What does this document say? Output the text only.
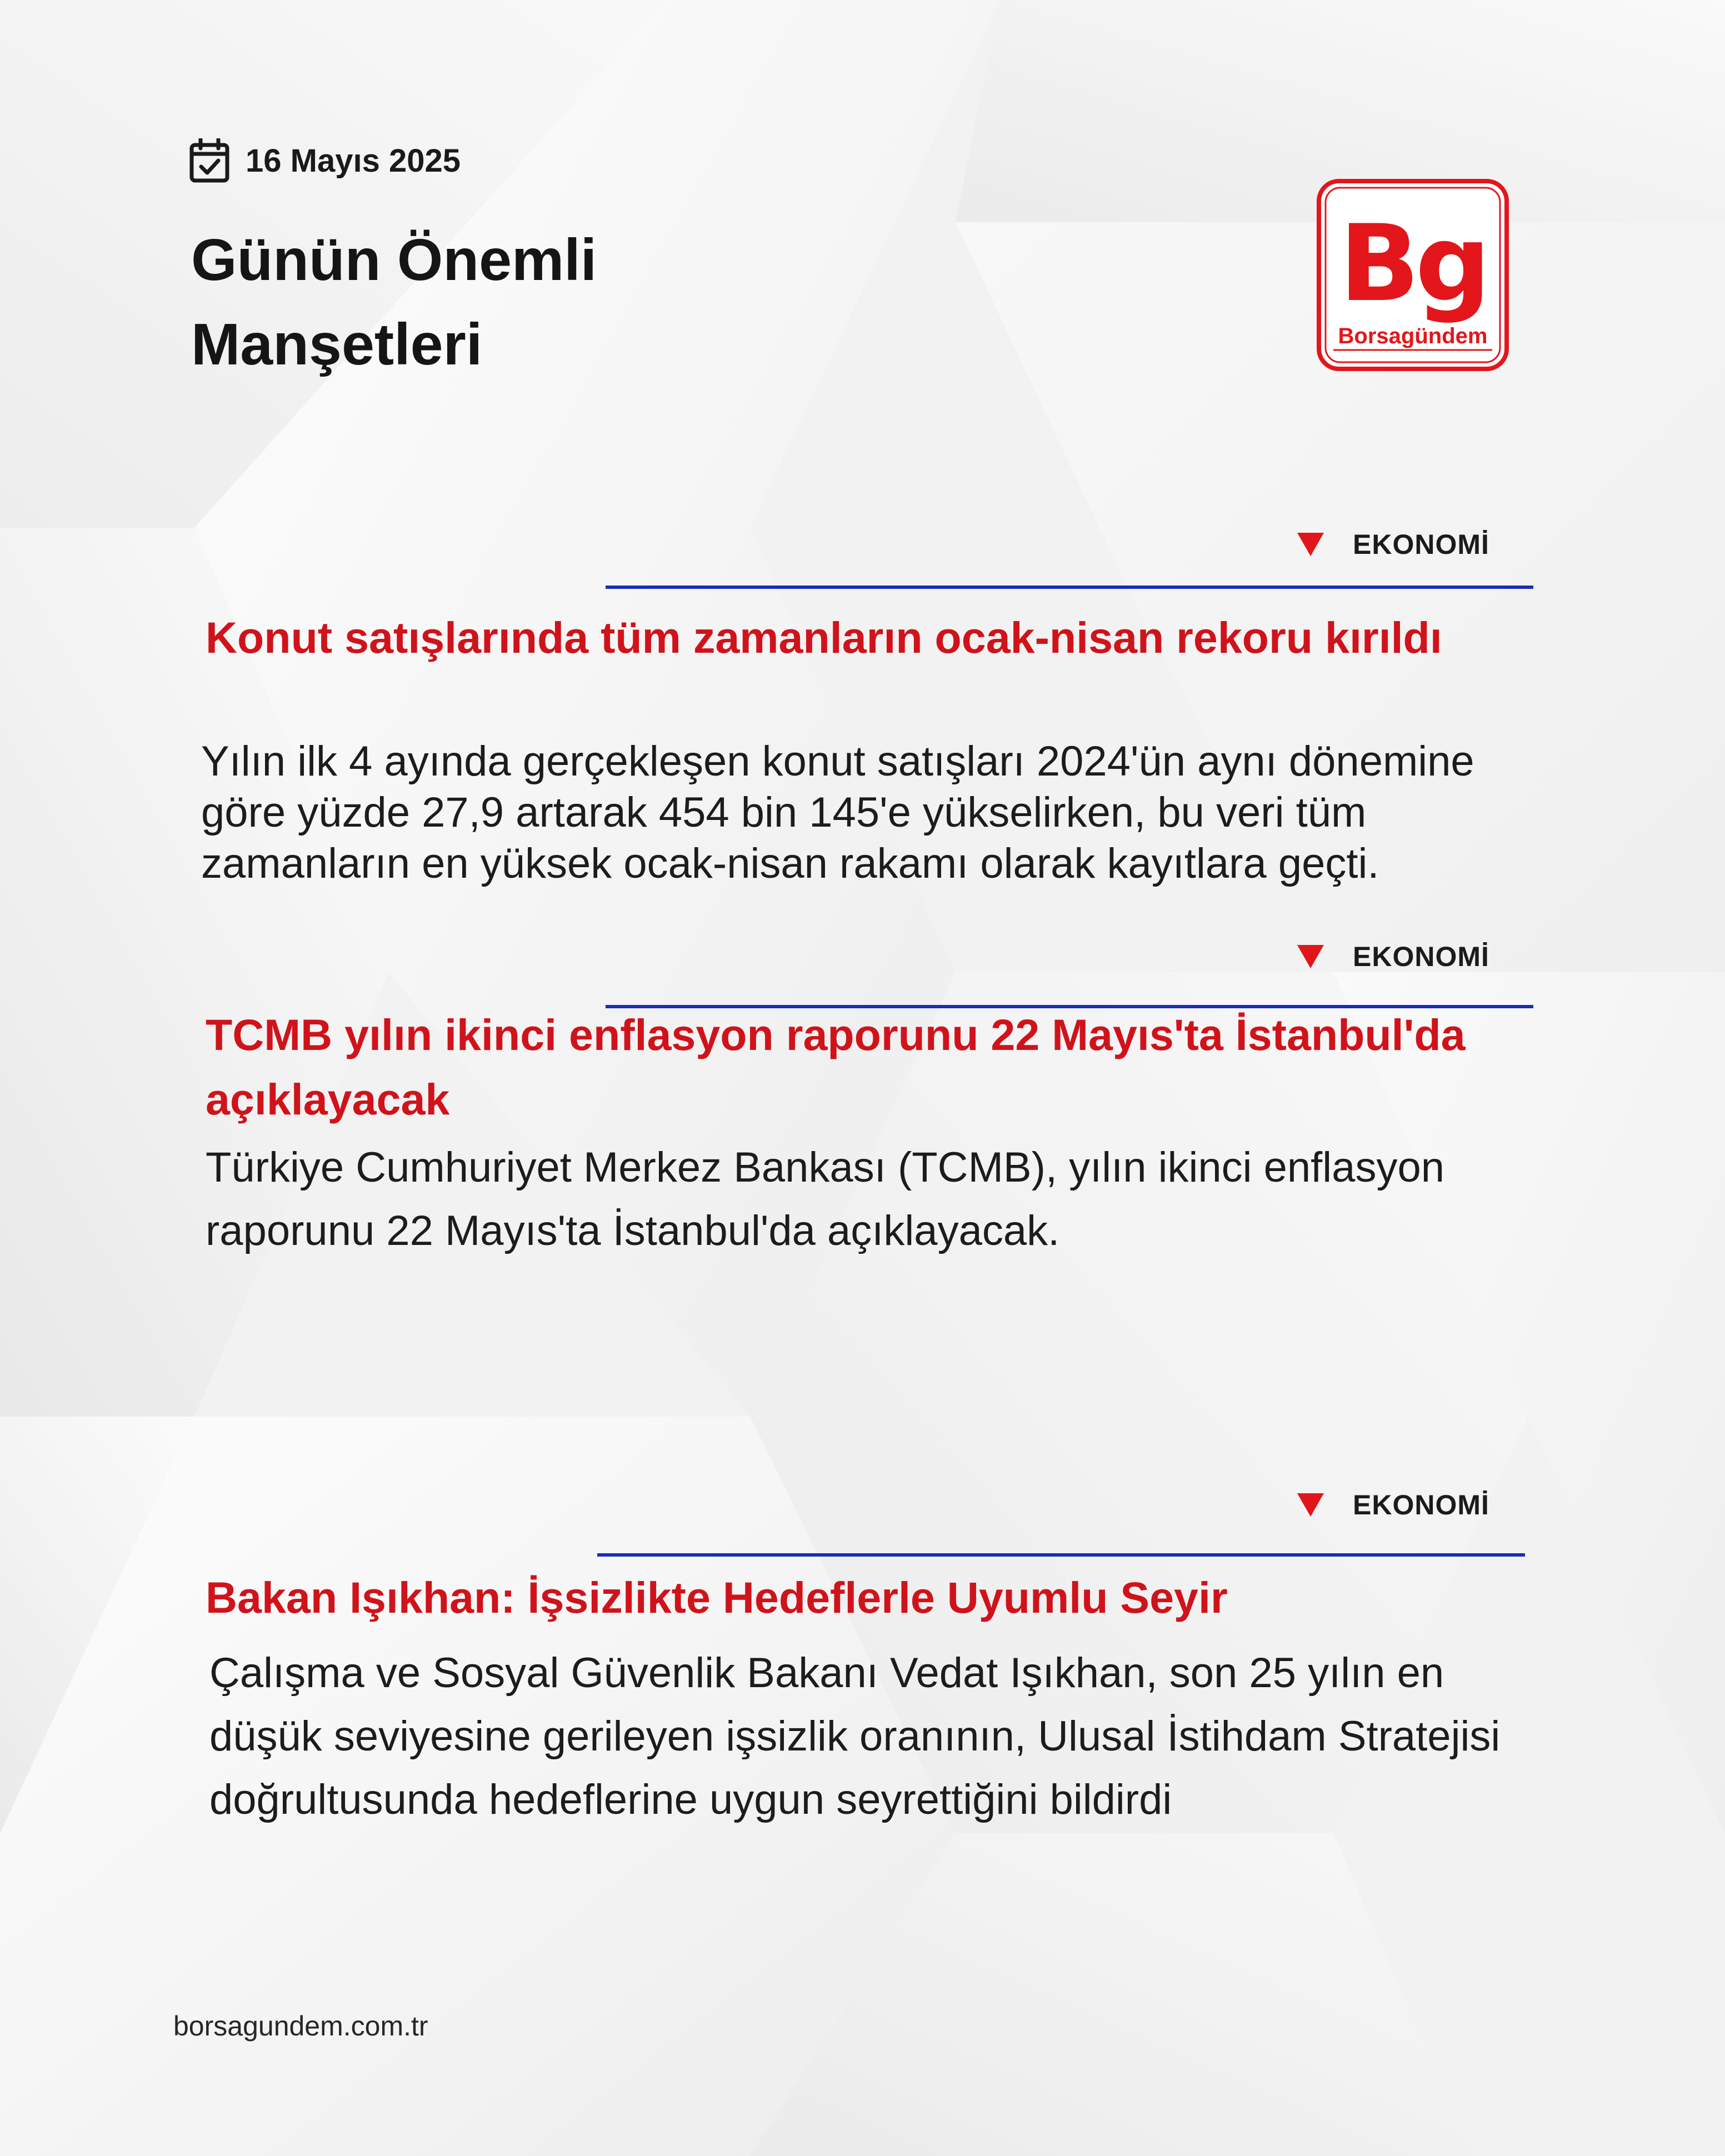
16 Mayıs 2025
Günün Önemli Manşetleri
Bg
Borsagündem
EKONOMİ
Konut satışlarında tüm zamanların ocak-nisan rekoru kırıldı

Yılın ilk 4 ayında gerçekleşen konut satışları 2024'ün aynı dönemine göre yüzde 27,9 artarak 454 bin 145'e yükselirken, bu veri tüm zamanların en yüksek ocak-nisan rakamı olarak kayıtlara geçti.

EKONOMİ
TCMB yılın ikinci enflasyon raporunu 22 Mayıs'ta İstanbul'da açıklayacak

Türkiye Cumhuriyet Merkez Bankası (TCMB), yılın ikinci enflasyon raporunu 22 Mayıs'ta İstanbul'da açıklayacak.

EKONOMİ
Bakan Işıkhan: İşsizlikte Hedeflerle Uyumlu Seyir

Çalışma ve Sosyal Güvenlik Bakanı Vedat Işıkhan, son 25 yılın en düşük seviyesine gerileyen işsizlik oranının, Ulusal İstihdam Stratejisi doğrultusunda hedeflerine uygun seyrettiğini bildirdi

borsagundem.com.tr
